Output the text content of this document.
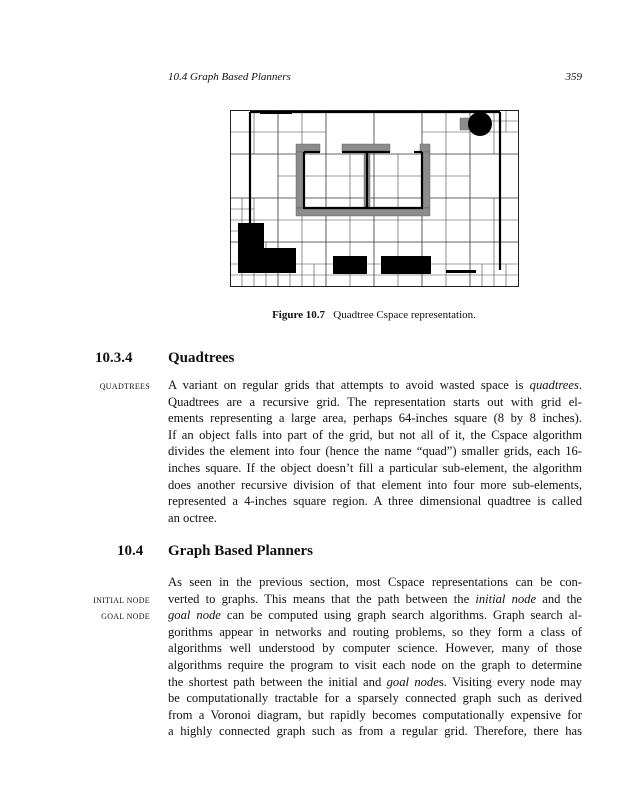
10.4 Graph Based Planners	359
Figure 10.7 Quadtree Cspace representation.
10.3.4 Quadtrees
QUADTREES A variant on regular grids that attempts to avoid wasted space is quadtrees.
Quadtrees are a recursive grid. The representation starts out with grid el-
ements representing a large area, perhaps 64-inches square (8 by 8 inches).
If an object falls into part of the grid, but not all of it, the Cspace algorithm
divides the element into four (hence the name “quad”) smaller grids, each 16-
inches square. If the object doesn’t fill a particular sub-element, the algorithm
does another recursive division of that element into four more sub-elements,
represented a 4-inches square region. A three dimensional quadtree is called
an octree.
10.4 Graph Based Planners
INITIAL NODE
GOAL NODE
As seen in the previous section, most Cspace representations can be con-
verted to graphs. This means that the path between the initial node and the
goal node can be computed using graph search algorithms. Graph search al-
gorithms appear in networks and routing problems, so they form a class of
algorithms well understood by computer science. However, many of those
algorithms require the program to visit each node on the graph to determine
the shortest path between the initial and goal nodes. Visiting every node may
be computationally tractable for a sparsely connected graph such as derived
from a Voronoi diagram, but rapidly becomes computationally expensive for
a highly connected graph such as from a regular grid. Therefore, there has
